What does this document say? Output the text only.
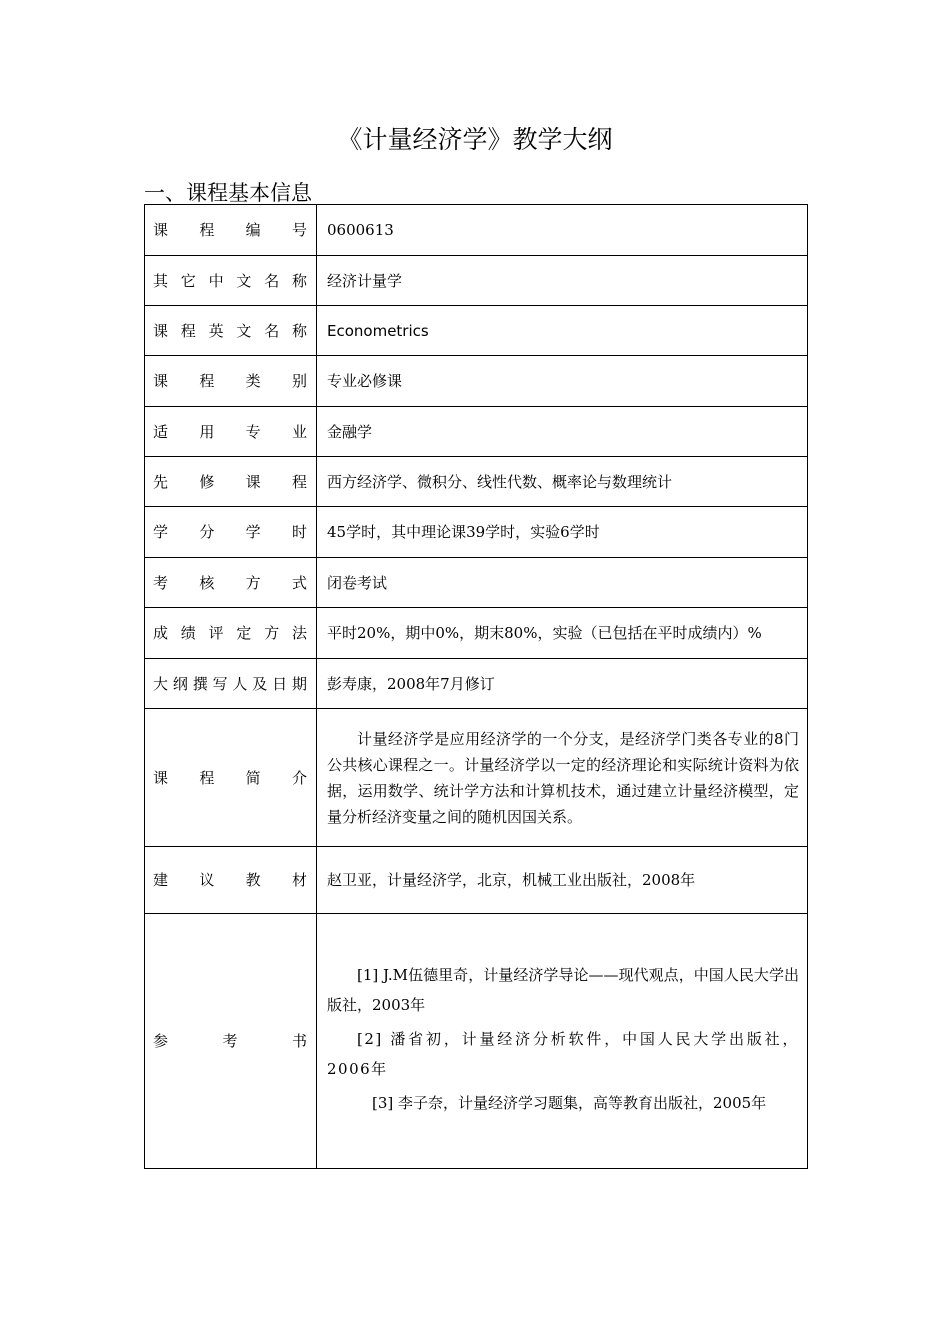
《计量经济学》教学大纲
一、课程基本信息
课程编号	0600613
其它中文名称	经济计量学
课程英文名称	Econometrics
课程类别	专业必修课
适用专业	金融学
先修课程	西方经济学、微积分、线性代数、概率论与数理统计
学分学时	45学时，其中理论课39学时，实验6学时
考核方式	闭卷考试
成绩评定方法	平时20%，期中0%，期末80%，实验（已包括在平时成绩内）%
大纲撰写人及日期	彭寿康，2008年7月修订
课程简介	计量经济学是应用经济学的一个分支，是经济学门类各专业的8门公共核心课程之一。计量经济学以一定的经济理论和实际统计资料为依据，运用数学、统计学方法和计算机技术，通过建立计量经济模型，定量分析经济变量之间的随机因国关系。

建议教材	赵卫亚，计量经济学，北京，机械工业出版社，2008年
参考书	[1] J.M伍德里奇，计量经济学导论——现代观点，中国人民大学出版社，2003年

[2] 潘省初，计量经济分析软件，中国人民大学出版社，2006年

[3] 李子奈，计量经济学习题集，高等教育出版社，2005年
